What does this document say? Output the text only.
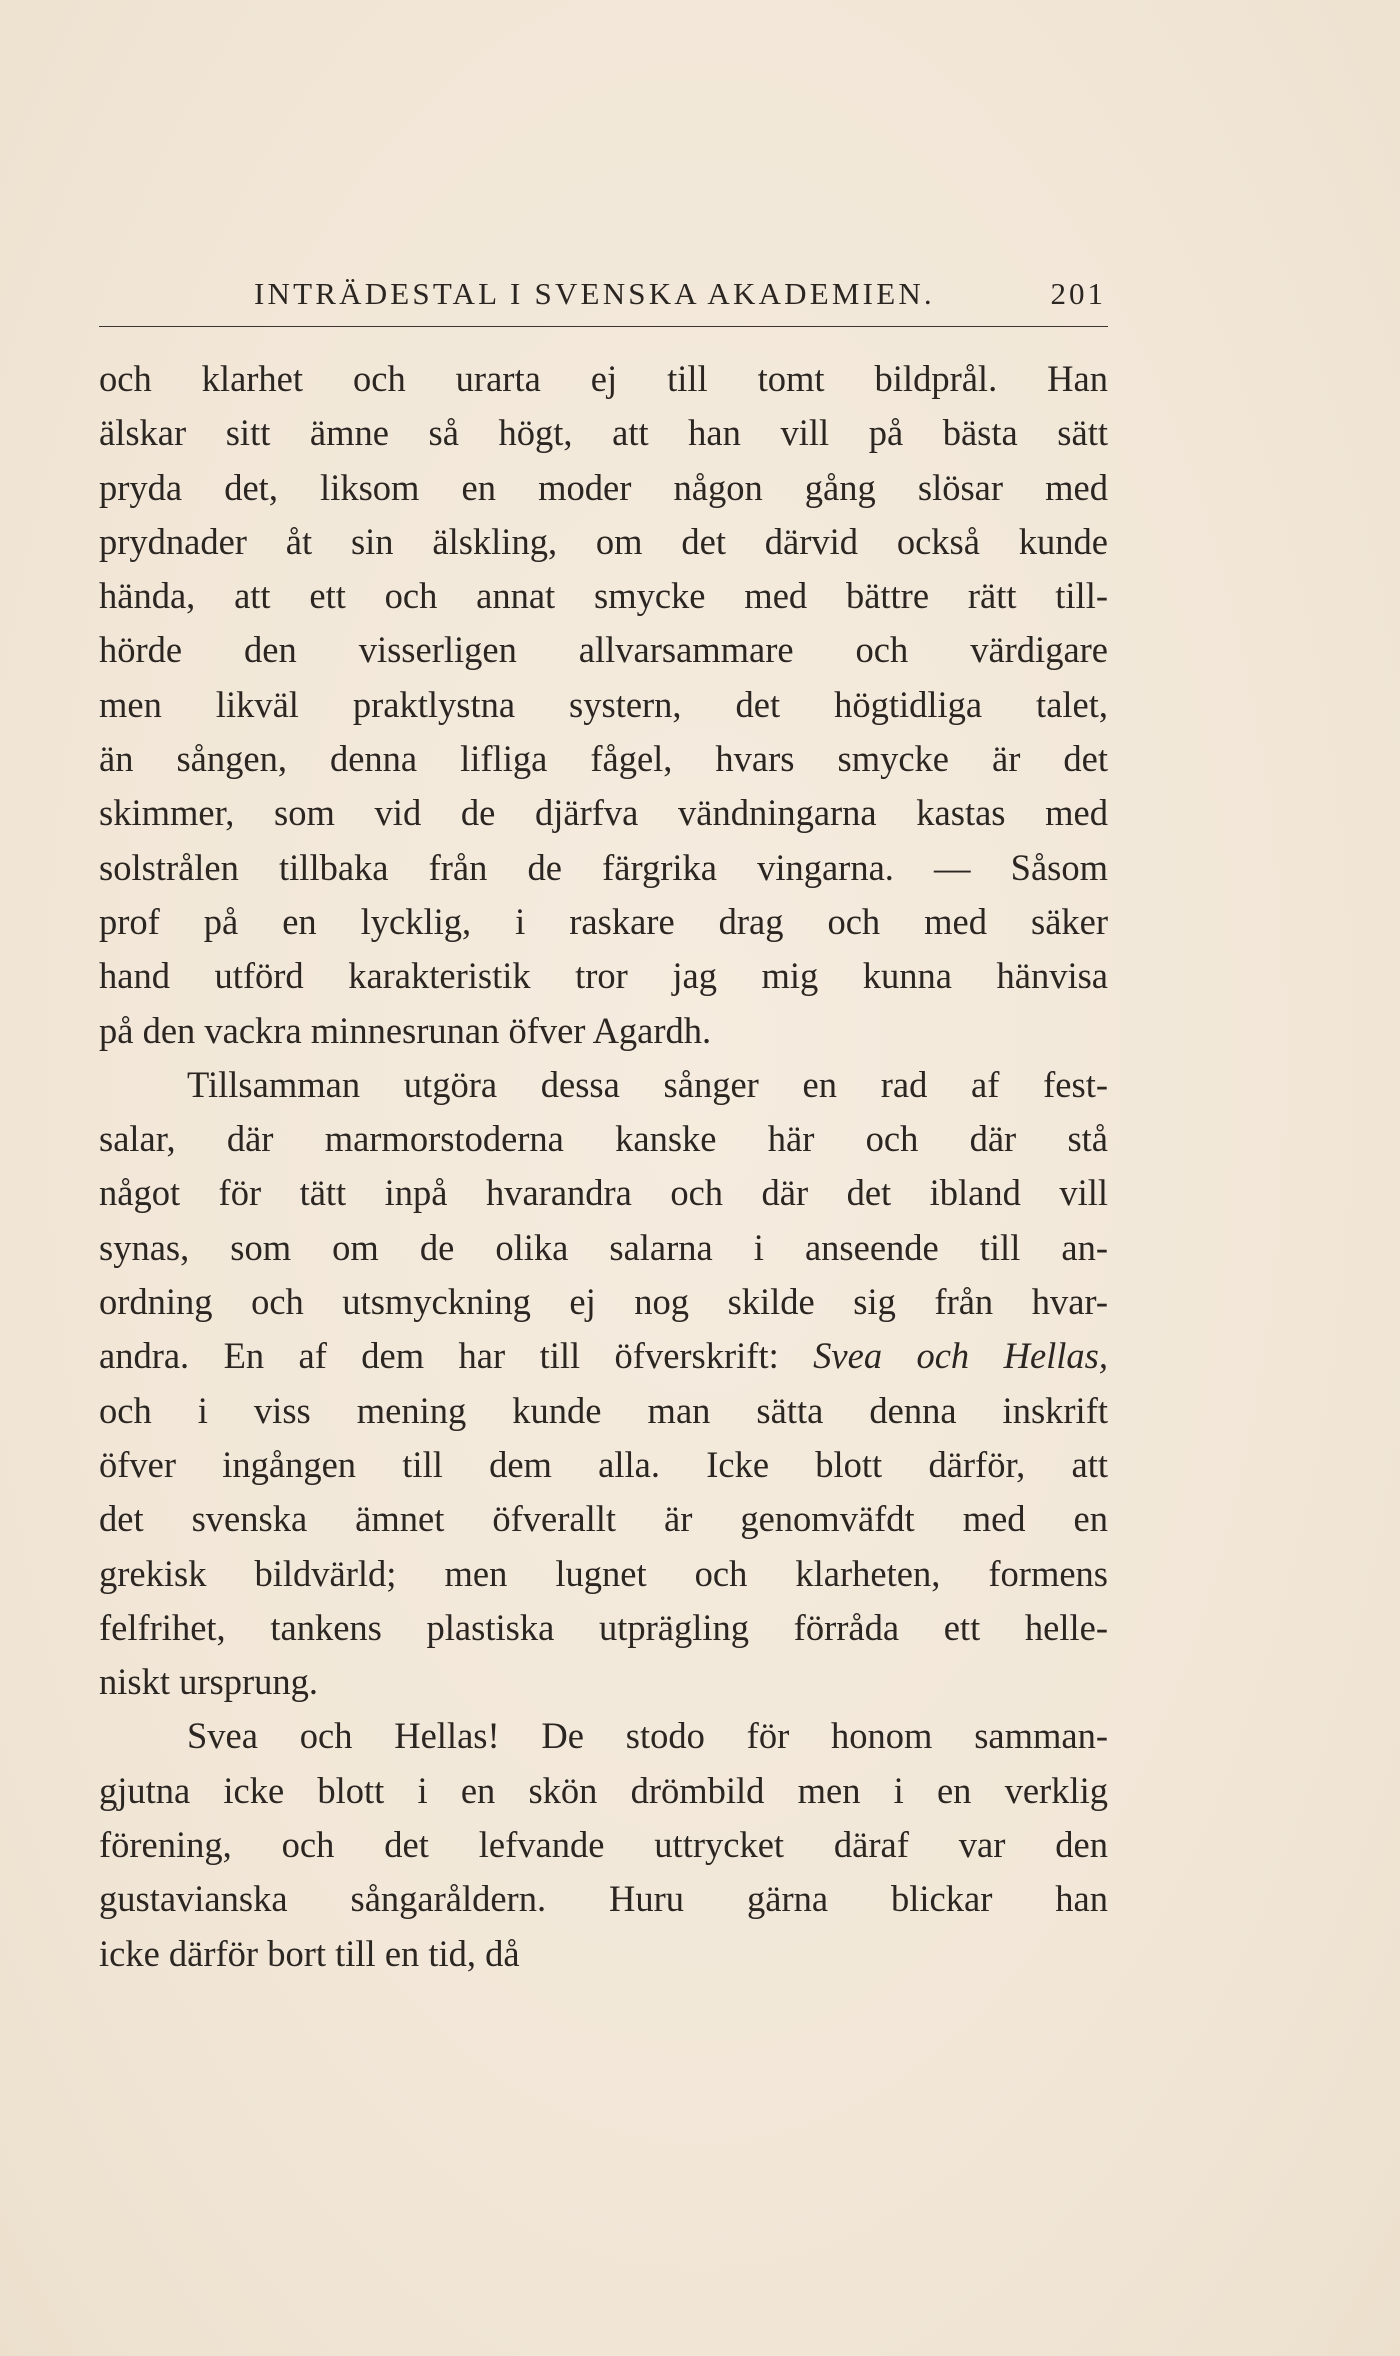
INTRÄDESTAL I SVENSKA AKADEMIEN.	201
och klarhet och urarta ej till tomt bildprål. Han
älskar sitt ämne så högt, att han vill på bästa sätt
pryda det, liksom en moder någon gång slösar med
prydnader åt sin älskling, om det därvid också kunde
hända, att ett och annat smycke med bättre rätt till-
hörde den visserligen allvarsammare och värdigare
men likväl praktlystna systern, det högtidliga talet,
än sången, denna lifliga fågel, hvars smycke är det
skimmer, som vid de djärfva vändningarna kastas med
solstrålen tillbaka från de färgrika vingarna. — Såsom
prof på en lycklig, i raskare drag och med säker
hand utförd karakteristik tror jag mig kunna hänvisa
på den vackra minnesrunan öfver Agardh.
Tillsamman utgöra dessa sånger en rad af fest-
salar, där marmorstoderna kanske här och där stå
något för tätt inpå hvarandra och där det ibland vill
synas, som om de olika salarna i anseende till an-
ordning och utsmyckning ej nog skilde sig från hvar-
andra. En af dem har till öfverskrift: Svea och Hellas,
och i viss mening kunde man sätta denna inskrift
öfver ingången till dem alla. Icke blott därför, att
det svenska ämnet öfverallt är genomväfdt med en
grekisk bildvärld; men lugnet och klarheten, formens
felfrihet, tankens plastiska utprägling förråda ett helle-
niskt ursprung.
Svea och Hellas! De stodo för honom samman-
gjutna icke blott i en skön drömbild men i en verklig
förening, och det lefvande uttrycket däraf var den
gustavianska sångaråldern. Huru gärna blickar han
icke därför bort till en tid, då
